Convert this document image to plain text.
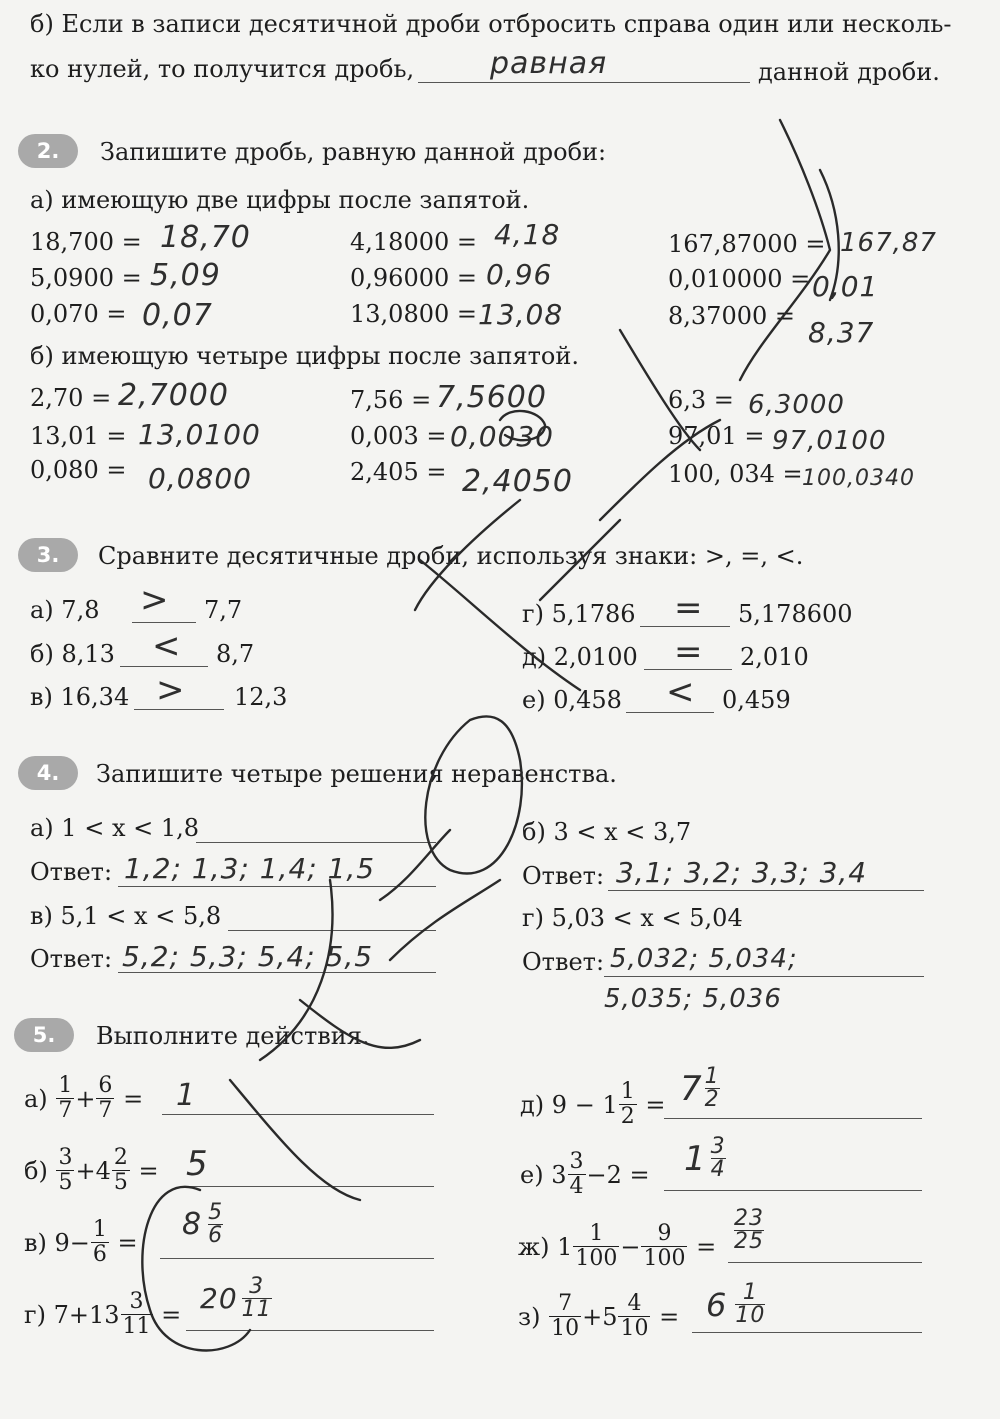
б) Если в записи десятичной дроби отбросить справа один или несколь-
ко нулей, то получится дробь,	равная	данной дроби.
2.	Запишите дробь, равную данной дроби:
а) имеющую две цифры после запятой.
18,700 = 18,70
5,0900 = 5,09
0,070 = 0,07
4,18000 = 4,18
0,96000 = 0,96
13,0800 = 13,08
167,87000 = 167,87
0,010000 = 0,01
8,37000 = 8,37
б) имеющую четыре цифры после запятой.
2,70 = 2,7000
13,01 = 13,0100
0,080 = 0,0800
7,56 = 7,5600
0,003 = 0,0030
2,405 = 2,4050
6,3 = 6,3000
97,01 = 97,0100
100, 034 = 100,0340
3.	Сравните десятичные дроби, используя знаки: >, =, <.
а) 7,8 > 7,7
б) 8,13 < 8,7
в) 16,34 > 12,3
г) 5,1786 = 5,178600
д) 2,0100 = 2,010
е) 0,458 < 0,459
4.	Запишите четыре решения неравенства.
а) 1 < x < 1,8
Ответ: 1,2; 1,3; 1,4; 1,5
в) 5,1 < x < 5,8
Ответ: 5,2; 5,3; 5,4; 5,5
б) 3 < x < 3,7
Ответ: 3,1; 3,2; 3,3; 3,4
г) 5,03 < x < 5,04
Ответ: 5,032; 5,034;
5,035; 5,036
5.	Выполните действия.
а)
$\frac{1}{7} + \frac{6}{7}$
= 1
б)
$\frac{3}{5} + 4 \frac{2}{5}$
= 5
в)
$9 - \frac{1}{6}$
=
8 5
6
г)
$7 + 13 \frac{3}{11}$
= 20 3
11
д)
9
−
$1 \frac{1}{2}$
= 7 1
2
е)
$3 \frac{3}{4} - 2$
= 1 3
4
ж)
$1 \frac{1}{100} - \frac{9}{100}$
= $\frac{23}{25}$
з)
$\frac{7}{10} + 5 \frac{4}{10}$
= 6 1
10
